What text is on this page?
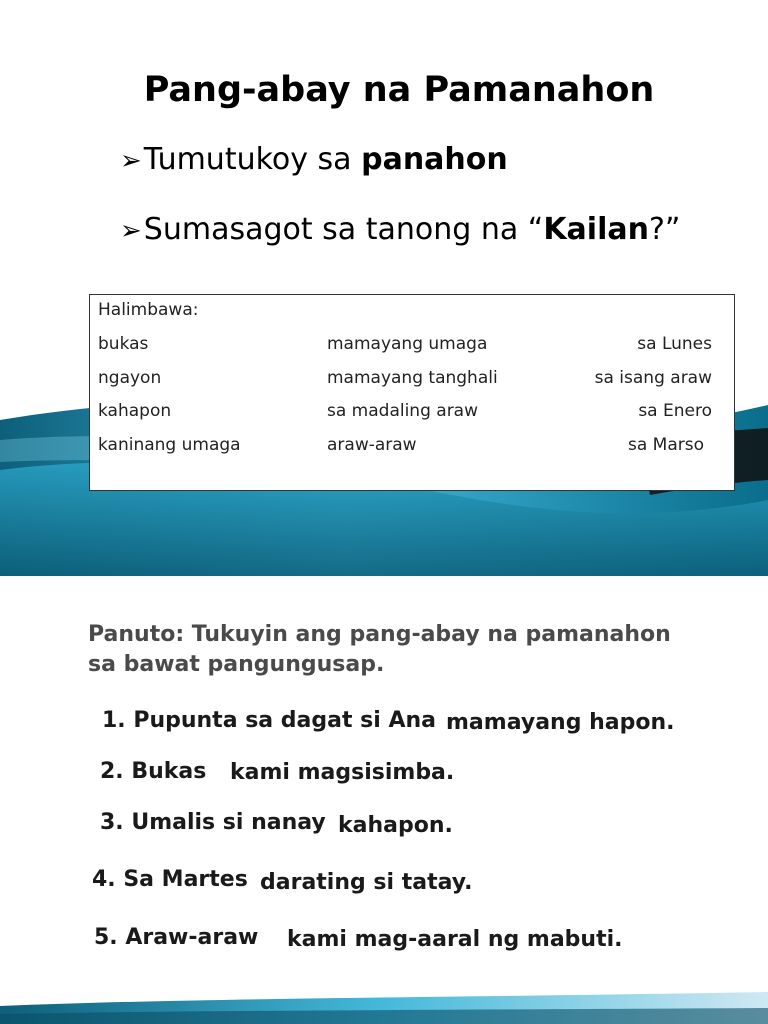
Pang-abay na Pamanahon
➢Tumutukoy sa panahon
➢Sumasagot sa tanong na “Kailan?”
Halimbawa:
bukas	mamayang umaga	sa Lunes
ngayon	mamayang tanghali	sa isang araw
kahapon	sa madaling araw	sa Enero
kaninang umaga	araw-araw	sa Marso
Panuto: Tukuyin ang pang-abay na pamanahon
sa bawat pangungusap.
1. Pupunta sa dagat si Ana mamayang hapon.
2. Bukas kami magsisimba.
3. Umalis si nanay kahapon.
4. Sa Martes darating si tatay.
5. Araw-araw kami mag-aaral ng mabuti.
